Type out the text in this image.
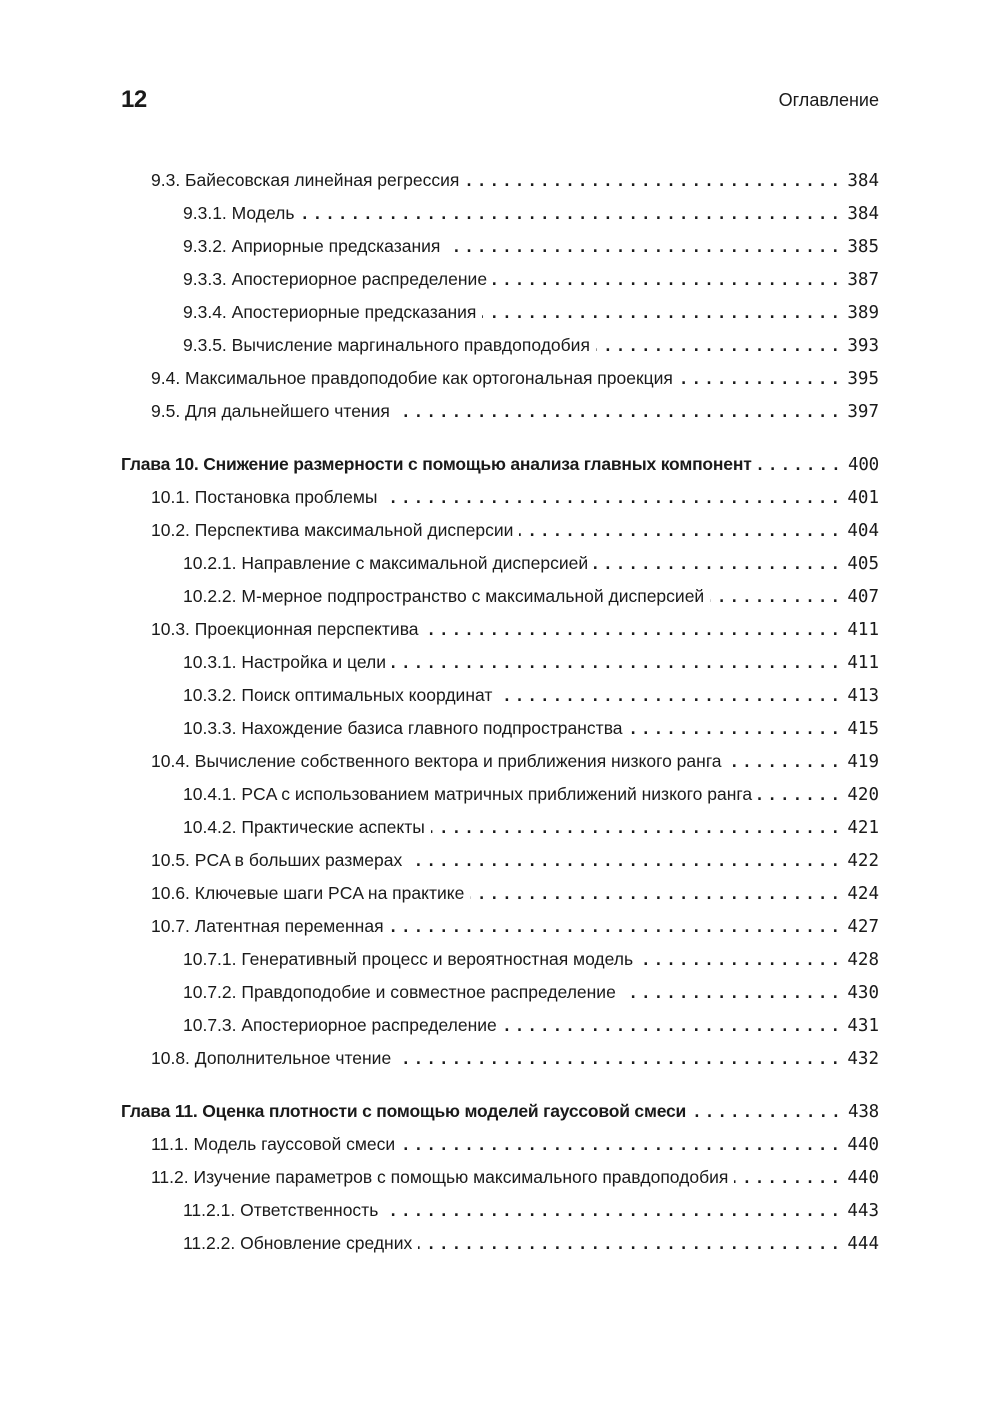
12	Оглавление
9.3. Байесовская линейная регрессия .....	384
9.3.1. Модель .....	384
9.3.2. Априорные предсказания .....	385
9.3.3. Апостериорное распределение .....	387
9.3.4. Апостериорные предсказания .....	389
9.3.5. Вычисление маргинального правдоподобия .....	393
9.4. Максимальное правдоподобие как ортогональная проекция .....	395
9.5. Для дальнейшего чтения .....	397
Глава 10. Снижение размерности с помощью анализа главных компонент .....	400
10.1. Постановка проблемы .....	401
10.2. Перспектива максимальной дисперсии .....	404
10.2.1. Направление с максимальной дисперсией .....	405
10.2.2. M-мерное подпространство с максимальной дисперсией .....	407
10.3. Проекционная перспектива .....	411
10.3.1. Настройка и цели .....	411
10.3.2. Поиск оптимальных координат .....	413
10.3.3. Нахождение базиса главного подпространства .....	415
10.4. Вычисление собственного вектора и приближения низкого ранга .....	419
10.4.1. PCA с использованием матричных приближений низкого ранга .....	420
10.4.2. Практические аспекты .....	421
10.5. PCA в больших размерах .....	422
10.6. Ключевые шаги PCA на практике .....	424
10.7. Латентная переменная .....	427
10.7.1. Генеративный процесс и вероятностная модель .....	428
10.7.2. Правдоподобие и совместное распределение .....	430
10.7.3. Апостериорное распределение .....	431
10.8. Дополнительное чтение .....	432
Глава 11. Оценка плотности с помощью моделей гауссовой смеси .....	438
11.1. Модель гауссовой смеси .....	440
11.2. Изучение параметров с помощью максимального правдоподобия .....	440
11.2.1. Ответственность .....	443
11.2.2. Обновление средних .....	444
